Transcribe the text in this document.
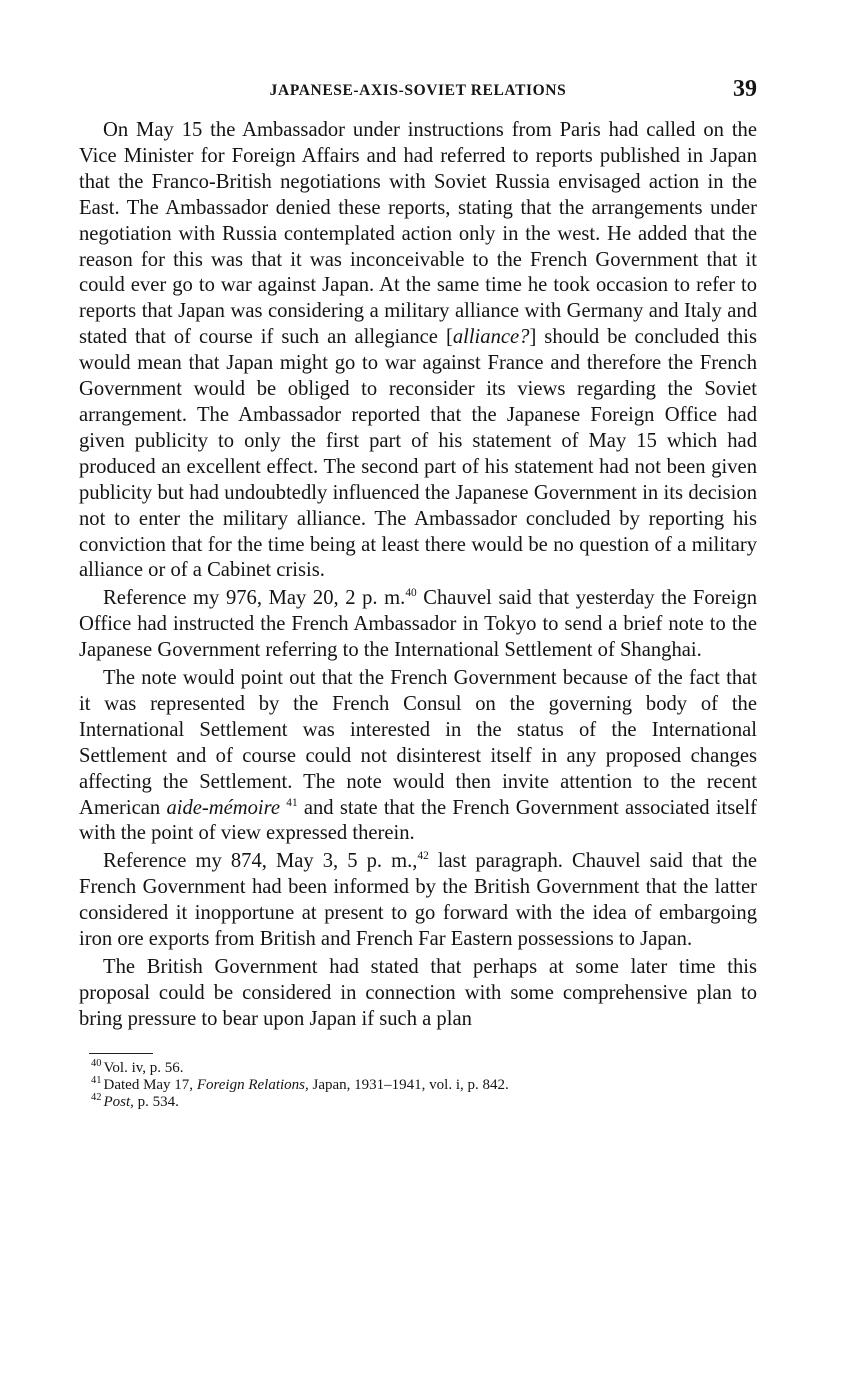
JAPANESE-AXIS-SOVIET RELATIONS	39

On May 15 the Ambassador under instructions from Paris had called on the Vice Minister for Foreign Affairs and had referred to reports published in Japan that the Franco-British negotiations with Soviet Russia envisaged action in the East. The Ambassador denied these reports, stating that the arrangements under negotiation with Russia contemplated action only in the west. He added that the reason for this was that it was inconceivable to the French Government that it could ever go to war against Japan. At the same time he took occasion to refer to reports that Japan was considering a military alliance with Germany and Italy and stated that of course if such an allegiance [alliance?] should be concluded this would mean that Japan might go to war against France and therefore the French Government would be obliged to reconsider its views regarding the Soviet arrangement. The Ambassador reported that the Japanese Foreign Office had given publicity to only the first part of his statement of May 15 which had produced an excellent effect. The second part of his statement had not been given publicity but had undoubtedly influenced the Japanese Government in its decision not to enter the military alliance. The Ambassador concluded by reporting his conviction that for the time being at least there would be no question of a military alliance or of a Cabinet crisis.

Reference my 976, May 20, 2 p. m.$^{40}$ Chauvel said that yesterday the Foreign Office had instructed the French Ambassador in Tokyo to send a brief note to the Japanese Government referring to the International Settlement of Shanghai.

The note would point out that the French Government because of the fact that it was represented by the French Consul on the governing body of the International Settlement was interested in the status of the International Settlement and of course could not disinterest itself in any proposed changes affecting the Settlement. The note would then invite attention to the recent American aide-mémoire $^{41}$ and state that the French Government associated itself with the point of view expressed therein.

Reference my 874, May 3, 5 p. m.,$^{42}$ last paragraph. Chauvel said that the French Government had been informed by the British Government that the latter considered it inopportune at present to go forward with the idea of embargoing iron ore exports from British and French Far Eastern possessions to Japan.

The British Government had stated that perhaps at some later time this proposal could be considered in connection with some comprehensive plan to bring pressure to bear upon Japan if such a plan

$^{40}$ Vol. iv, p. 56.
$^{41}$ Dated May 17, Foreign Relations, Japan, 1931–1941, vol. i, p. 842.
$^{42}$ Post, p. 534.
